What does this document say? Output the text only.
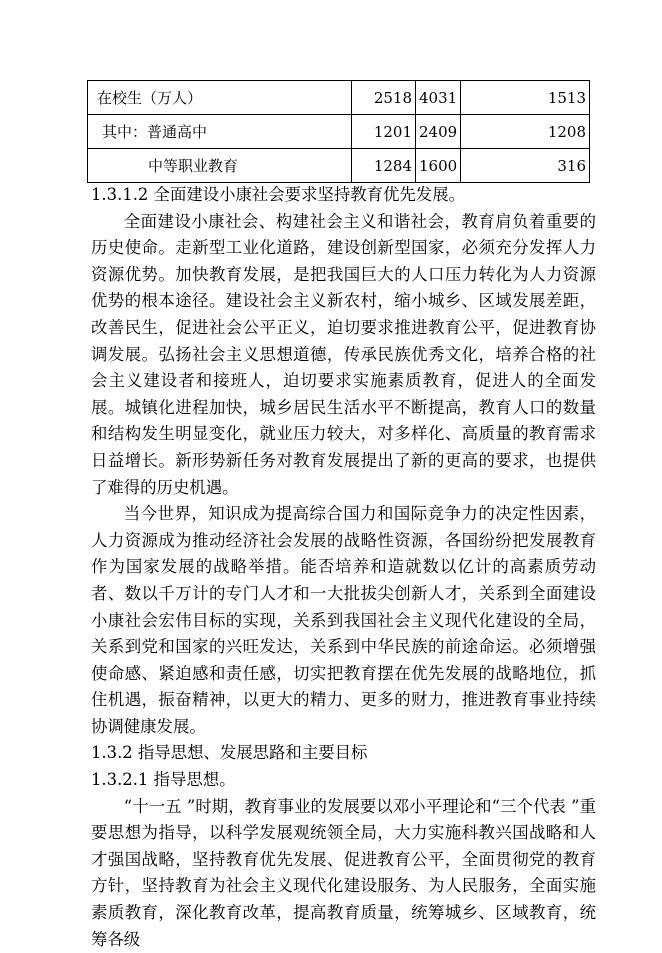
在校生（万人）	2518	4031	1513
其中：普通高中	1201	2409	1208
中等职业教育	1284	1600	316

1.3.1.2 全面建设小康社会要求坚持教育优先发展。

全面建设小康社会、构建社会主义和谐社会，教育肩负着重要的历史使命。走新型工业化道路，建设创新型国家，必须充分发挥人力资源优势。加快教育发展，是把我国巨大的人口压力转化为人力资源优势的根本途径。建设社会主义新农村，缩小城乡、区域发展差距，改善民生，促进社会公平正义，迫切要求推进教育公平，促进教育协调发展。弘扬社会主义思想道德，传承民族优秀文化，培养合格的社会主义建设者和接班人，迫切要求实施素质教育，促进人的全面发展。城镇化进程加快，城乡居民生活水平不断提高，教育人口的数量和结构发生明显变化，就业压力较大，对多样化、高质量的教育需求日益增长。新形势新任务对教育发展提出了新的更高的要求，也提供了难得的历史机遇。

当今世界，知识成为提高综合国力和国际竞争力的决定性因素，人力资源成为推动经济社会发展的战略性资源，各国纷纷把发展教育作为国家发展的战略举措。能否培养和造就数以亿计的高素质劳动者、数以千万计的专门人才和一大批拔尖创新人才，关系到全面建设小康社会宏伟目标的实现，关系到我国社会主义现代化建设的全局，关系到党和国家的兴旺发达，关系到中华民族的前途命运。必须增强使命感、紧迫感和责任感，切实把教育摆在优先发展的战略地位，抓住机遇，振奋精神，以更大的精力、更多的财力，推进教育事业持续协调健康发展。

1.3.2 指导思想、发展思路和主要目标

1.3.2.1 指导思想。

“十一五 ”时期，教育事业的发展要以邓小平理论和“三个代表 ”重要思想为指导，以科学发展观统领全局，大力实施科教兴国战略和人才强国战略，坚持教育优先发展、促进教育公平，全面贯彻党的教育方针，坚持教育为社会主义现代化建设服务、为人民服务，全面实施素质教育，深化教育改革，提高教育质量，统筹城乡、区域教育，统筹各级
